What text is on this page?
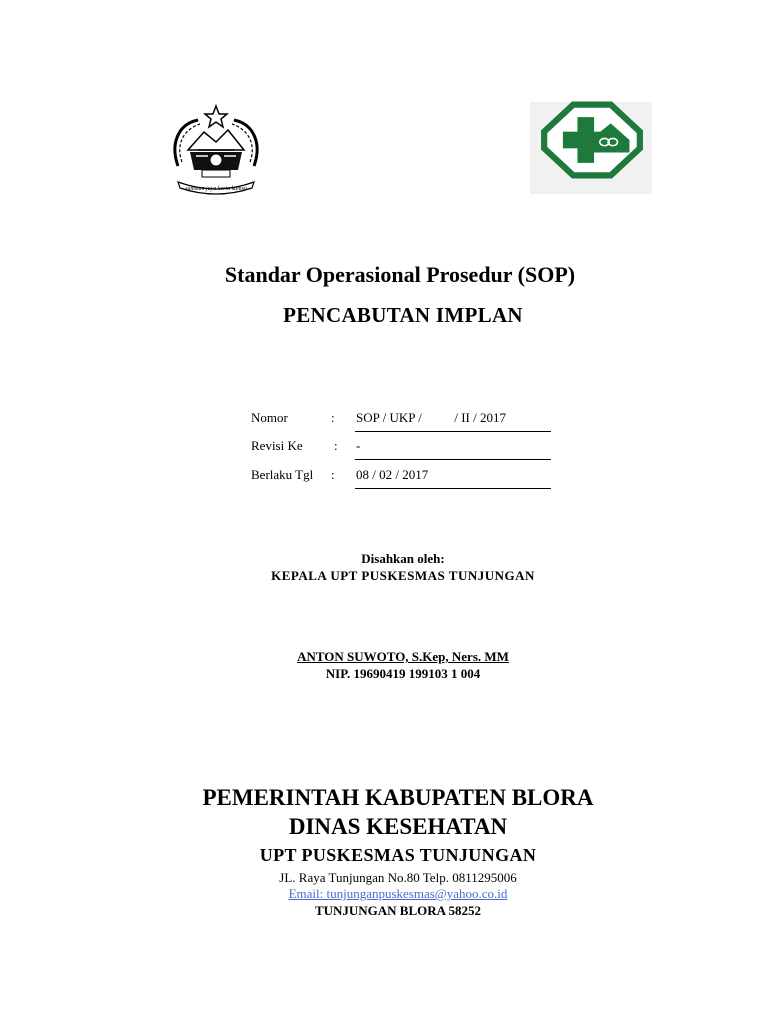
sumsum jaya kerta kamsa
Standar Operasional Prosedur (SOP)
PENCABUTAN IMPLAN
Nomor	: SOP / UKP /          / II / 2017
Revisi Ke : -
Berlaku Tgl : 08 / 02 / 2017
Disahkan oleh:
KEPALA UPT PUSKESMAS TUNJUNGAN
ANTON SUWOTO, S.Kep, Ners. MM
NIP. 19690419 199103 1 004
PEMERINTAH KABUPATEN BLORA
DINAS KESEHATAN
UPT PUSKESMAS TUNJUNGAN
JL. Raya Tunjungan No.80 Telp. 0811295006
Email: tunjunganpuskesmas@yahoo.co.id
TUNJUNGAN BLORA 58252
